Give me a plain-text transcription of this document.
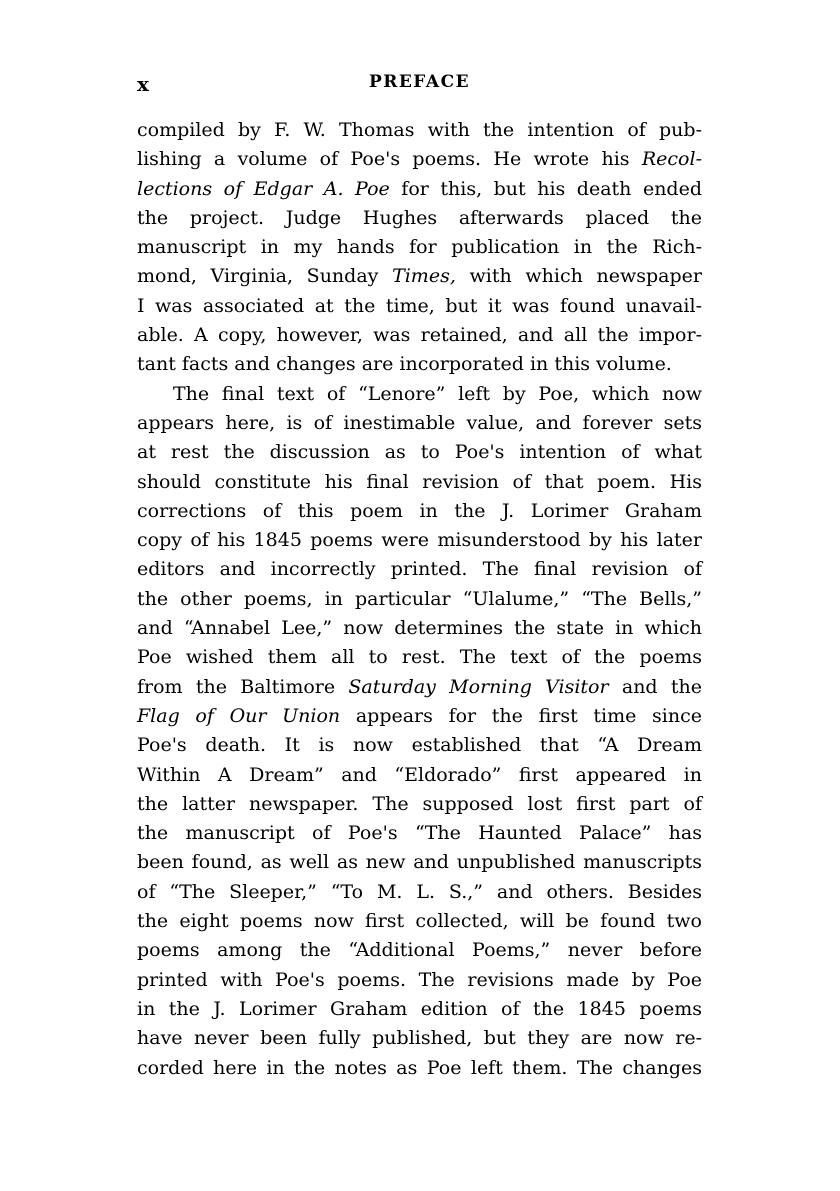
x	PREFACE
compiled by F. W. Thomas with the intention of pub-
lishing a volume of Poe's poems. He wrote his Recol-
lections of Edgar A. Poe for this, but his death ended
the project. Judge Hughes afterwards placed the
manuscript in my hands for publication in the Rich-
mond, Virginia, Sunday Times, with which newspaper
I was associated at the time, but it was found unavail-
able. A copy, however, was retained, and all the impor-
tant facts and changes are incorporated in this volume.
The final text of “Lenore” left by Poe, which now
appears here, is of inestimable value, and forever sets
at rest the discussion as to Poe's intention of what
should constitute his final revision of that poem. His
corrections of this poem in the J. Lorimer Graham
copy of his 1845 poems were misunderstood by his later
editors and incorrectly printed. The final revision of
the other poems, in particular “Ulalume,” “The Bells,”
and “Annabel Lee,” now determines the state in which
Poe wished them all to rest. The text of the poems
from the Baltimore Saturday Morning Visitor and the
Flag of Our Union appears for the first time since
Poe's death. It is now established that “A Dream
Within A Dream” and “Eldorado” first appeared in
the latter newspaper. The supposed lost first part of
the manuscript of Poe's “The Haunted Palace” has
been found, as well as new and unpublished manuscripts
of “The Sleeper,” “To M. L. S.,” and others. Besides
the eight poems now first collected, will be found two
poems among the “Additional Poems,” never before
printed with Poe's poems. The revisions made by Poe
in the J. Lorimer Graham edition of the 1845 poems
have never been fully published, but they are now re-
corded here in the notes as Poe left them. The changes
